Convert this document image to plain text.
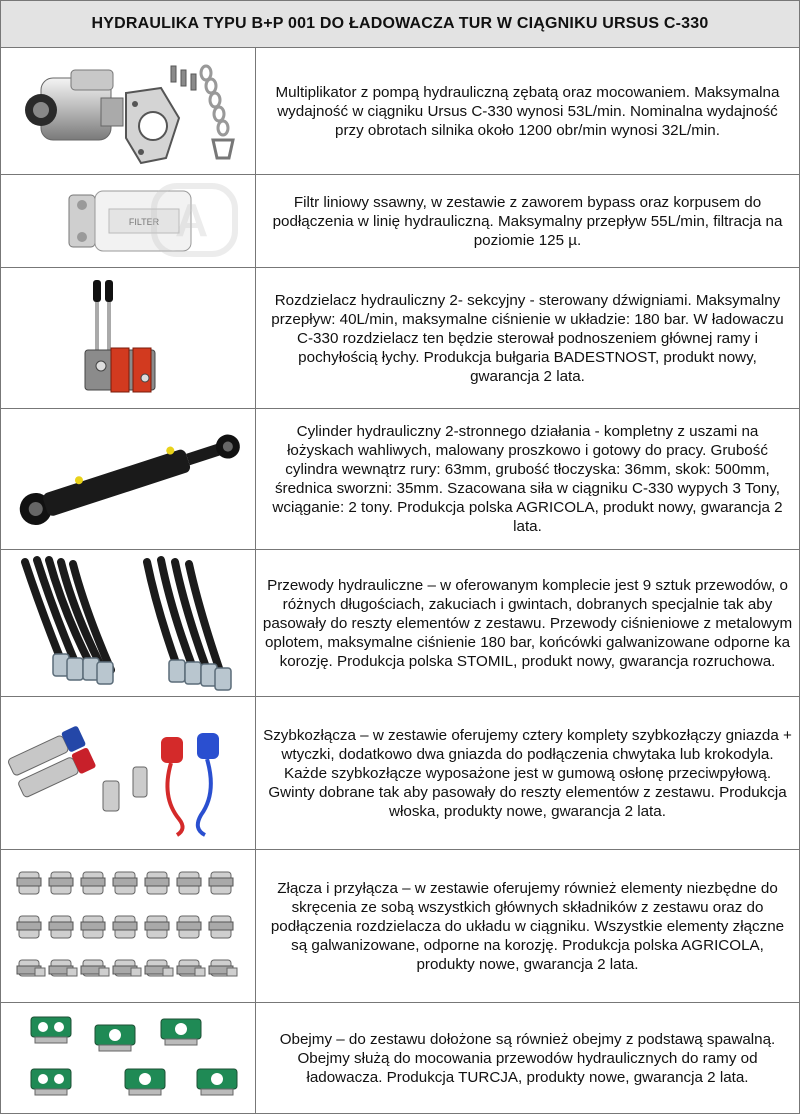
HYDRAULIKA TYPU B+P 001 DO ŁADOWACZA TUR W CIĄGNIKU URSUS C-330
Multiplikator z pompą hydrauliczną zębatą oraz mocowaniem. Maksymalna wydajność w ciągniku Ursus C-330 wynosi 53L/min. Nominalna wydajność przy obrotach silnika około 1200 obr/min wynosi 32L/min.
FILTER A	Filtr liniowy ssawny, w zestawie z zaworem bypass oraz korpusem do podłączenia w linię hydrauliczną. Maksymalny przepływ 55L/min, filtracja na poziomie 125 µ.
Rozdzielacz hydrauliczny 2- sekcyjny - sterowany dźwigniami. Maksymalny przepływ: 40L/min, maksymalne ciśnienie w układzie: 180 bar. W ładowaczu C-330 rozdzielacz ten będzie sterował podnoszeniem głównej ramy i pochyłością łychy. Produkcja bułgaria BADESTNOST, produkt nowy, gwarancja 2 lata.
Cylinder hydrauliczny 2-stronnego działania - kompletny z uszami na łożyskach wahliwych, malowany proszkowo i gotowy do pracy. Grubość cylindra wewnątrz rury: 63mm, grubość tłoczyska: 36mm, skok: 500mm, średnica sworzni: 35mm. Szacowana siła w ciągniku C-330 wypych 3 Tony, wciąganie: 2 tony. Produkcja polska AGRICOLA, produkt nowy, gwarancja 2 lata.
Przewody hydrauliczne – w oferowanym komplecie jest 9 sztuk przewodów, o różnych długościach, zakuciach i gwintach, dobranych specjalnie tak aby pasowały do reszty elementów z zestawu. Przewody ciśnieniowe z metalowym oplotem, maksymalne ciśnienie 180 bar, końcówki galwanizowane odporne ka korozję. Produkcja polska STOMIL, produkt nowy, gwarancja rozruchowa.
Szybkozłącza – w zestawie oferujemy cztery komplety szybkozłączy gniazda + wtyczki, dodatkowo dwa gniazda do podłączenia chwytaka lub krokodyla. Każde szybkozłącze wyposażone jest w gumową osłonę przeciwpyłową. Gwinty dobrane tak aby pasowały do reszty elementów z zestawu. Produkcja włoska, produkty nowe, gwarancja 2 lata.
Złącza i przyłącza – w zestawie oferujemy również elementy niezbędne do skręcenia ze sobą wszystkich głównych składników z zestawu oraz do podłączenia rozdzielacza do układu w ciągniku. Wszystkie elementy złączne są galwanizowane, odporne na korozję. Produkcja polska AGRICOLA, produkty nowe, gwarancja 2 lata.
Obejmy – do zestawu dołożone są również obejmy z podstawą spawalną. Obejmy służą do mocowania przewodów hydraulicznych do ramy od ładowacza. Produkcja TURCJA, produkty nowe, gwarancja 2 lata.
